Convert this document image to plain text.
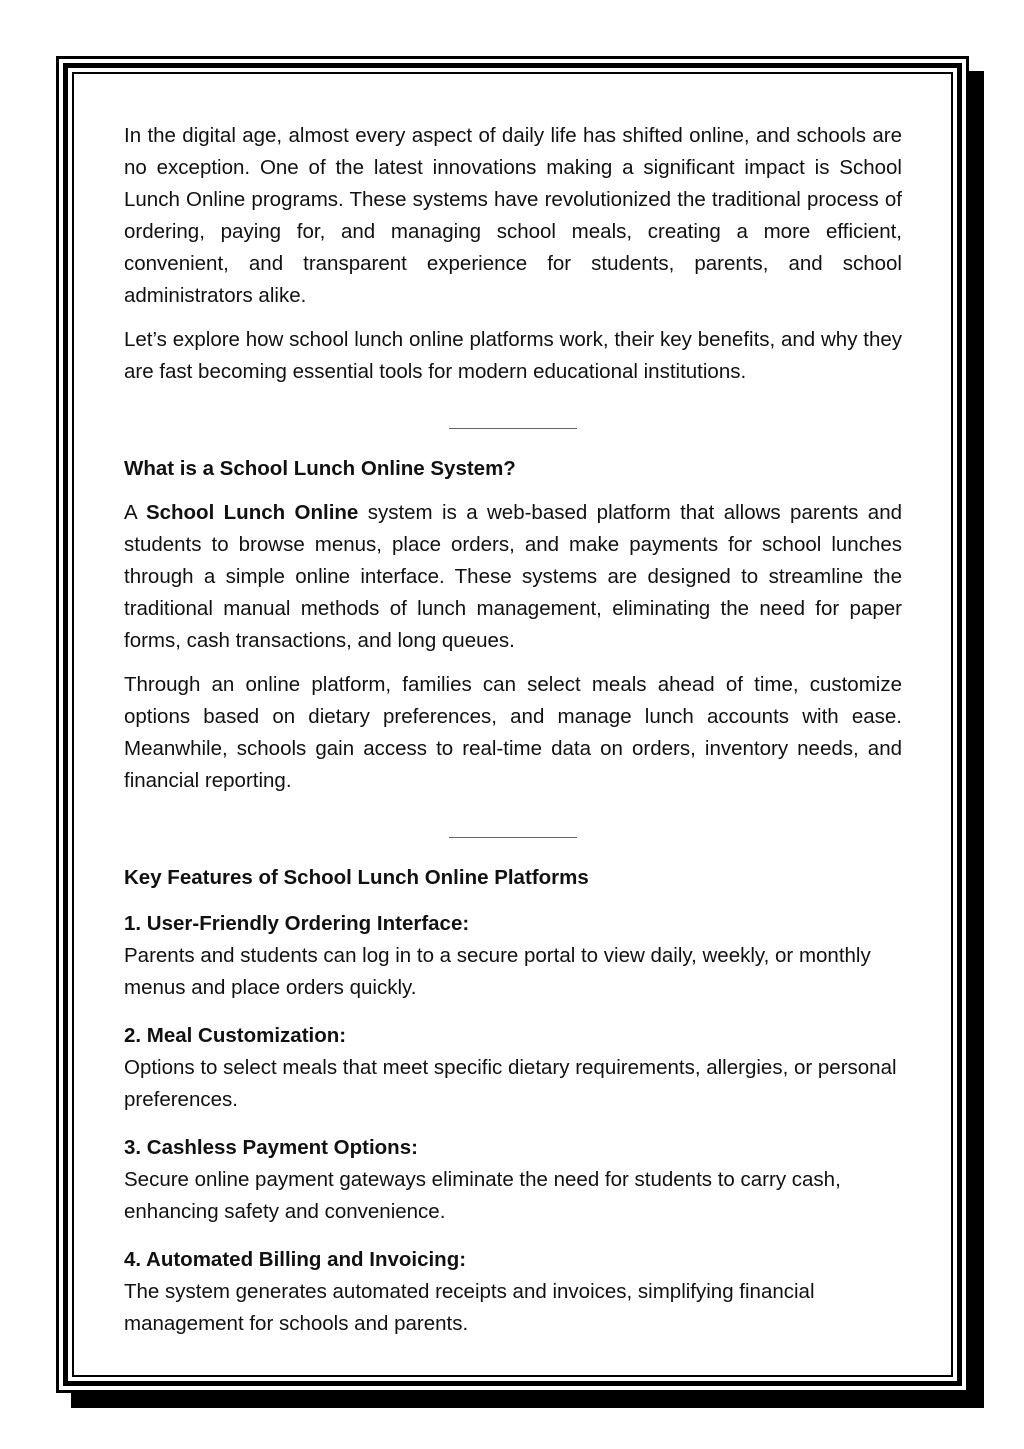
In the digital age, almost every aspect of daily life has shifted online, and schools are no exception. One of the latest innovations making a significant impact is School Lunch Online programs. These systems have revolutionized the traditional process of ordering, paying for, and managing school meals, creating a more efficient, convenient, and transparent experience for students, parents, and school administrators alike.

Let’s explore how school lunch online platforms work, their key benefits, and why they are fast becoming essential tools for modern educational institutions.

What is a School Lunch Online System?

A School Lunch Online system is a web-based platform that allows parents and students to browse menus, place orders, and make payments for school lunches through a simple online interface. These systems are designed to streamline the traditional manual methods of lunch management, eliminating the need for paper forms, cash transactions, and long queues.

Through an online platform, families can select meals ahead of time, customize options based on dietary preferences, and manage lunch accounts with ease. Meanwhile, schools gain access to real-time data on orders, inventory needs, and financial reporting.

Key Features of School Lunch Online Platforms
1. User-Friendly Ordering Interface:
Parents and students can log in to a secure portal to view daily, weekly, or monthly menus and place orders quickly.
2. Meal Customization:
Options to select meals that meet specific dietary requirements, allergies, or personal preferences.
3. Cashless Payment Options:
Secure online payment gateways eliminate the need for students to carry cash, enhancing safety and convenience.
4. Automated Billing and Invoicing:
The system generates automated receipts and invoices, simplifying financial management for schools and parents.
